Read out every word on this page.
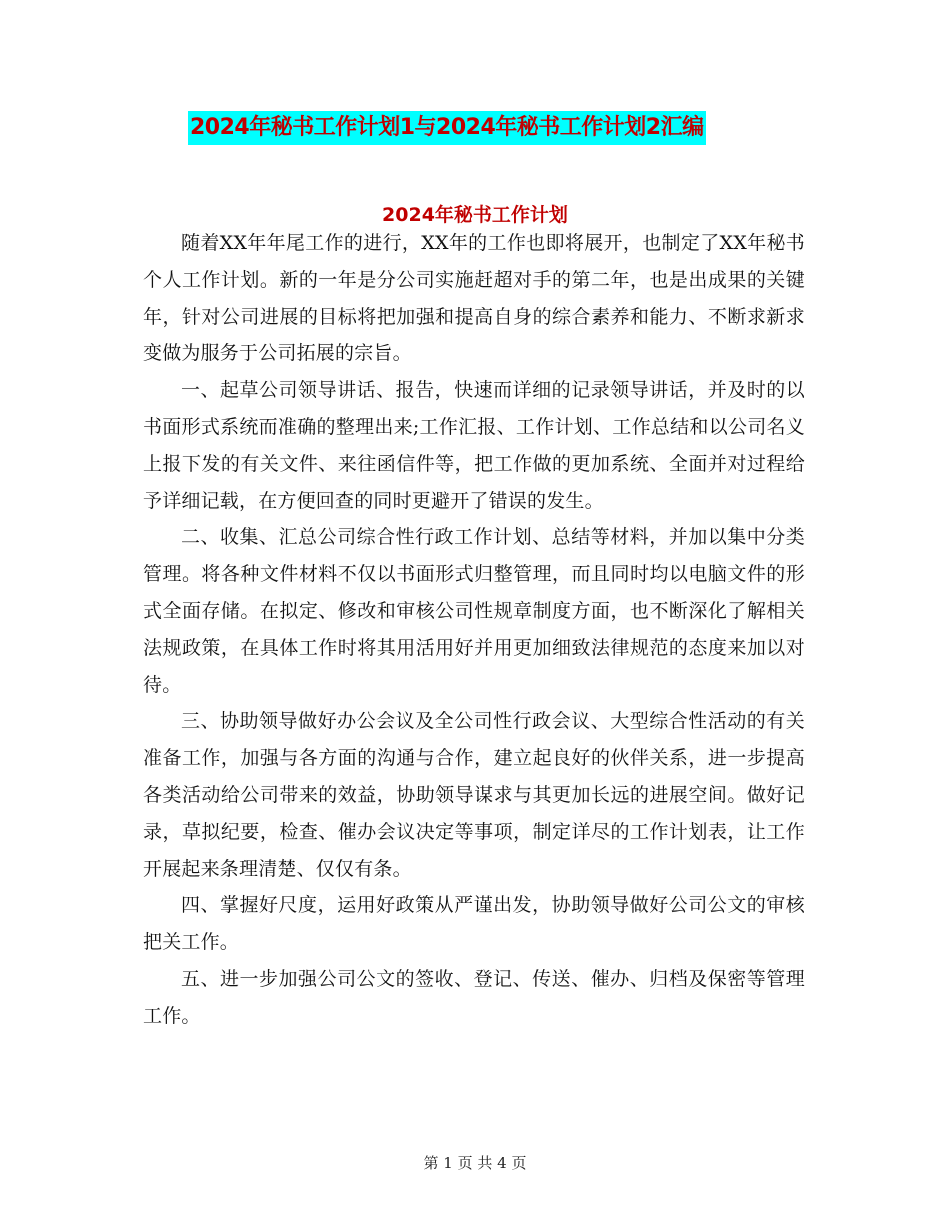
2024年秘书工作计划1与2024年秘书工作计划2汇编
2024年秘书工作计划

随着XX年年尾工作的进行，XX年的工作也即将展开，也制定了XX年秘书个人工作计划。新的一年是分公司实施赶超对手的第二年，也是出成果的关键年，针对公司进展的目标将把加强和提高自身的综合素养和能力、不断求新求变做为服务于公司拓展的宗旨。

一、起草公司领导讲话、报告，快速而详细的记录领导讲话，并及时的以书面形式系统而准确的整理出来;工作汇报、工作计划、工作总结和以公司名义上报下发的有关文件、来往函信件等，把工作做的更加系统、全面并对过程给予详细记载，在方便回查的同时更避开了错误的发生。

二、收集、汇总公司综合性行政工作计划、总结等材料，并加以集中分类管理。将各种文件材料不仅以书面形式归整管理，而且同时均以电脑文件的形式全面存储。在拟定、修改和审核公司性规章制度方面，也不断深化了解相关法规政策，在具体工作时将其用活用好并用更加细致法律规范的态度来加以对待。

三、协助领导做好办公会议及全公司性行政会议、大型综合性活动的有关准备工作，加强与各方面的沟通与合作，建立起良好的伙伴关系，进一步提高各类活动给公司带来的效益，协助领导谋求与其更加长远的进展空间。做好记录，草拟纪要，检查、催办会议决定等事项，制定详尽的工作计划表，让工作开展起来条理清楚、仅仅有条。

四、掌握好尺度，运用好政策从严谨出发，协助领导做好公司公文的审核把关工作。

五、进一步加强公司公文的签收、登记、传送、催办、归档及保密等管理工作。

第 1 页 共 4 页
